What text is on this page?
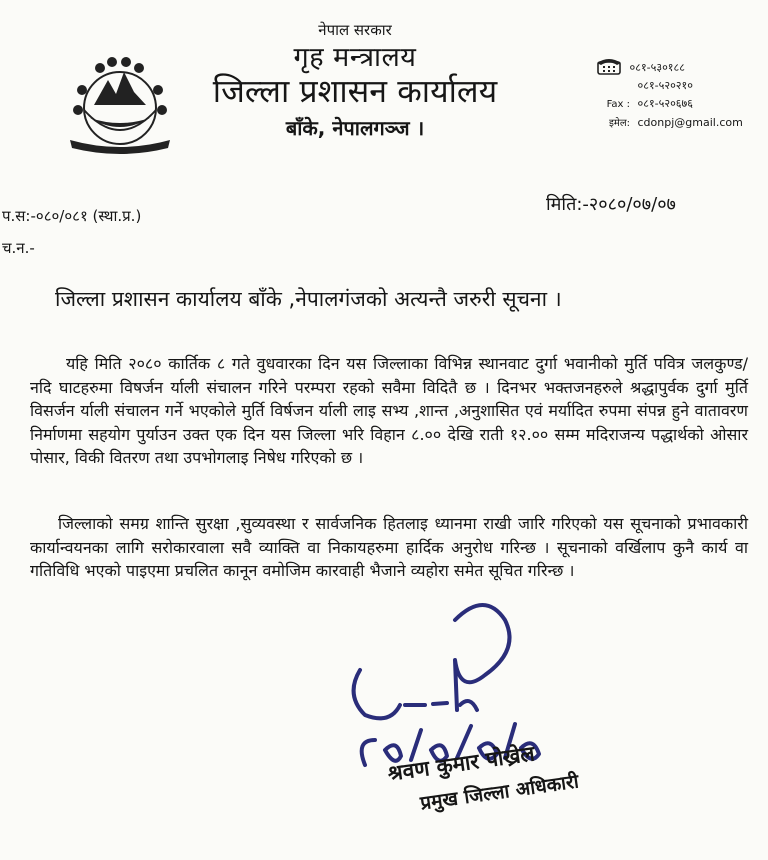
नेपाल सरकार
गृह मन्त्रालय
जिल्ला प्रशासन कार्यालय
बाँके, नेपालगञ्ज ।
०८१-५३०१८८
०८१-५२०२१०
Fax : ०८१-५२०६७६
इमेल: cdonpj@gmail.com
प.स:-०८०/०८१ (स्था.प्र.)
च.न.-
मिति:-२०८०/०७/०७
जिल्ला प्रशासन कार्यालय बाँके ,नेपालगंजको अत्यन्तै जरुरी सूचना ।
यहि मिति २०८० कार्तिक ८ गते वुधवारका दिन यस जिल्लाका विभिन्न स्थानवाट दुर्गा भवानीको मुर्ति पवित्र जलकुण्ड/ नदि घाटहरुमा विषर्जन र्याली संचालन गरिने परम्परा रहको सवैमा विदितै छ । दिनभर भक्तजनहरुले श्रद्धापुर्वक दुर्गा मुर्ति विसर्जन र्याली संचालन गर्ने भएकोले मुर्ति विर्षजन र्याली लाइ सभ्य ,शान्त ,अनुशासित एवं मर्यादित रुपमा संपन्न हुने वातावरण निर्माणमा सहयोग पुर्याउन उक्त एक दिन यस जिल्ला भरि विहान ८.०० देखि राती १२.०० सम्म मदिराजन्य पद्धार्थको ओसार पोसार, विकी वितरण तथा उपभोगलाइ निषेध गरिएको छ ।
जिल्लाको समग्र शान्ति सुरक्षा ,सुव्यवस्था र सार्वजनिक हितलाइ ध्यानमा राखी जारि गरिएको यस सूचनाको प्रभावकारी कार्यान्वयनका लागि सरोकारवाला सवै व्याक्ति वा निकायहरुमा हार्दिक अनुरोध गरिन्छ । सूचनाको वर्खिलाप कुनै कार्य वा गतिविधि भएको पाइएमा प्रचलित कानून वमोजिम कारवाही भैजाने व्यहोरा समेत सूचित गरिन्छ ।
श्रवण कुमार पोख्रेल
प्रमुख जिल्ला अधिकारी
